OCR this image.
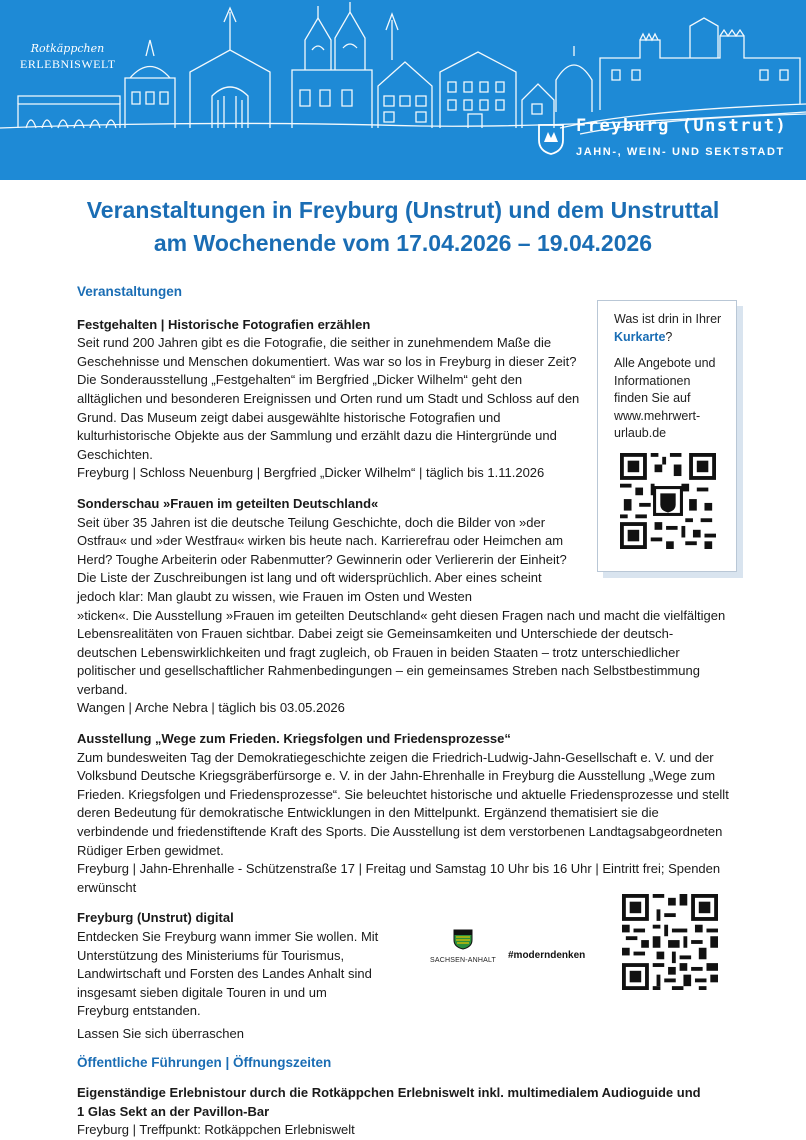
Rotkäppchen
ERLEBNISWELT
Freyburg (Unstrut)
JAHN-, WEIN- UND SEKTSTADT
Veranstaltungen in Freyburg (Unstrut) und dem Unstruttal
am Wochenende vom 17.04.2026 – 19.04.2026
Was ist drin in Ihrer Kurkarte?
Alle Angebote und Informationen finden Sie auf www.mehrwert-urlaub.de
Veranstaltungen
Festgehalten | Historische Fotografien erzählen
Seit rund 200 Jahren gibt es die Fotografie, die seither in zunehmendem Maße die Geschehnisse und Menschen dokumentiert. Was war so los in Freyburg in dieser Zeit? Die Sonderausstellung „Festgehalten“ im Bergfried „Dicker Wilhelm“ geht den alltäglichen und besonderen Ereignissen und Orten rund um Stadt und Schloss auf den Grund. Das Museum zeigt dabei ausgewählte historische Fotografien und kulturhistorische Objekte aus der Sammlung und erzählt dazu die Hintergründe und Geschichten.
Freyburg | Schloss Neuenburg | Bergfried „Dicker Wilhelm“ | täglich bis 1.11.2026
Sonderschau »Frauen im geteilten Deutschland«
Seit über 35 Jahren ist die deutsche Teilung Geschichte, doch die Bilder von »der Ostfrau« und »der Westfrau« wirken bis heute nach. Karrierefrau oder Heimchen am Herd? Toughe Arbeiterin oder Rabenmutter? Gewinnerin oder Verliererin der Einheit? Die Liste der Zuschreibungen ist lang und oft widersprüchlich. Aber eines scheint jedoch klar: Man glaubt zu wissen, wie Frauen im Osten und Westen
»ticken«. Die Ausstellung »Frauen im geteilten Deutschland« geht diesen Fragen nach und macht die vielfältigen Lebensrealitäten von Frauen sichtbar. Dabei zeigt sie Gemeinsamkeiten und Unterschiede der deutsch-deutschen Lebenswirklichkeiten und fragt zugleich, ob Frauen in beiden Staaten – trotz unterschiedlicher politischer und gesellschaftlicher Rahmenbedingungen – ein gemeinsames Streben nach Selbstbestimmung verband.
Wangen | Arche Nebra | täglich bis 03.05.2026
Ausstellung „Wege zum Frieden. Kriegsfolgen und Friedensprozesse“
Zum bundesweiten Tag der Demokratiegeschichte zeigen die Friedrich-Ludwig-Jahn-Gesellschaft e. V. und der Volksbund Deutsche Kriegsgräberfürsorge e. V. in der Jahn-Ehrenhalle in Freyburg die Ausstellung „Wege zum Frieden. Kriegsfolgen und Friedensprozesse“. Sie beleuchtet historische und aktuelle Friedensprozesse und stellt deren Bedeutung für demokratische Entwicklungen in den Mittelpunkt. Ergänzend thematisiert sie die verbindende und friedenstiftende Kraft des Sports. Die Ausstellung ist dem verstorbenen Landtagsabgeordneten Rüdiger Erben gewidmet.
Freyburg | Jahn-Ehrenhalle - Schützenstraße 17 | Freitag und Samstag 10 Uhr bis 16 Uhr | Eintritt frei; Spenden erwünscht
Freyburg (Unstrut) digital
Entdecken Sie Freyburg wann immer Sie wollen. Mit Unterstützung des Ministeriums für Tourismus, Landwirtschaft und Forsten des Landes Anhalt sind insgesamt sieben digitale Touren in und um Freyburg entstanden.
Lassen Sie sich überraschen
Öffentliche Führungen | Öffnungszeiten
Eigenständige Erlebnistour durch die Rotkäppchen Erlebniswelt inkl. multimedialem Audioguide und 1 Glas Sekt an der Pavillon-Bar
Freyburg | Treffpunkt: Rotkäppchen Erlebniswelt
SACHSEN-ANHALT #moderndenken
